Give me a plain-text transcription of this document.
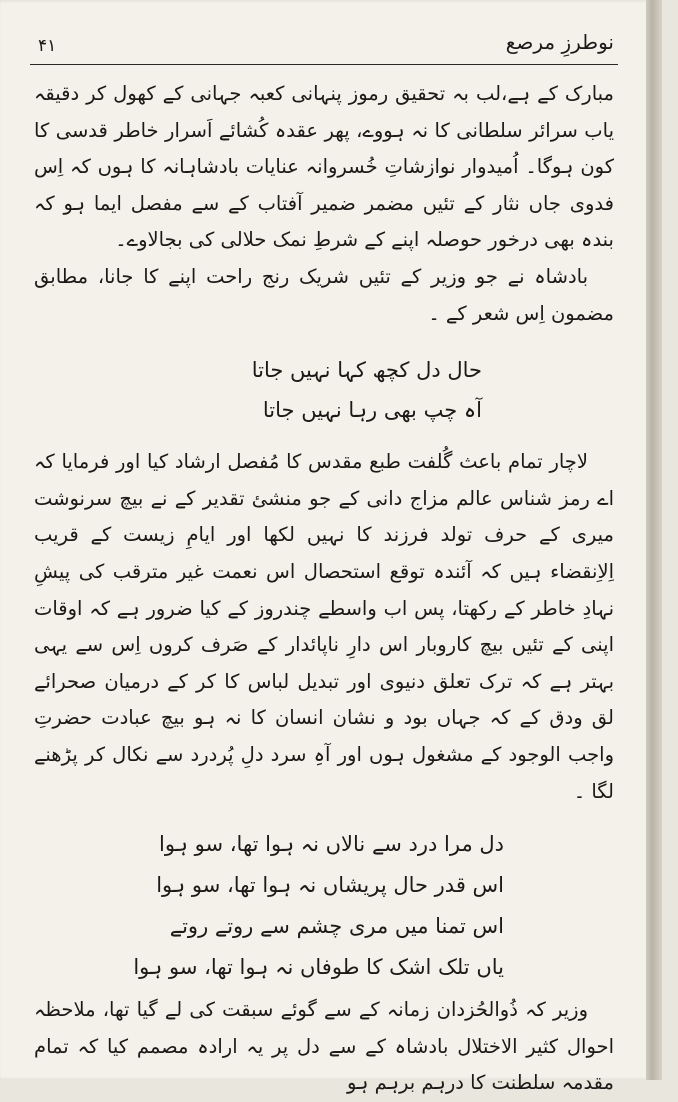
۴۱	نوطرزِ مرصع

مبارک کے ہے،لب بہ تحقیق رموز پنہانی کعبہ جہانی کے کھول کر دقیقہ یاب سرائر سلطانی کا نہ ہووے، پھر عقدہ کُشائے اَسرار خاطر قدسی کا کون ہوگا۔ اُمیدوار نوازشاتِ خُسروانہ عنایات بادشاہانہ کا ہوں کہ اِس فدوی جاں نثار کے تئیں مضمر ضمیر آفتاب کے سے مفصل ایما ہو کہ بندہ بھی درخور حوصلہ اپنے کے شرطِ نمک حلالی کی بجالاوے۔

بادشاہ نے جو وزیر کے تئیں شریک رنج راحت اپنے کا جانا، مطابق مضمون اِس شعر کے ۔

حال دل کچھ کہا نہیں جاتا
آہ چپ بھی رہا نہیں جاتا

لاچار تمام باعث گُلفت طبع مقدس کا مُفصل ارشاد کیا اور فرمایا کہ اے رمز شناس عالم مزاج دانی کے جو منشئ تقدیر کے نے بیچ سرنوشت میری کے حرف تولد فرزند کا نہیں لکھا اور ایامِ زیست کے قریب اِلاِنقضاء ہیں کہ آئندہ توقع استحصال اس نعمت غیر مترقب کی پیشِ نہادِ خاطر کے رکھتا، پس اب واسطے چندروز کے کیا ضرور ہے کہ اوقات اپنی کے تئیں بیچ کاروبار اس دارِ ناپائدار کے صَرف کروں اِس سے یہی بہتر ہے کہ ترک تعلق دنیوی اور تبدیل لباس کا کر کے درمیان صحرائے لق ودق کے کہ جہاں بود و نشان انسان کا نہ ہو بیچ عبادت حضرتِ واجب الوجود کے مشغول ہوں اور آہِ سرد دلِ پُردرد سے نکال کر پڑھنے لگا ۔

دل مرا درد سے نالاں نہ ہوا تھا، سو ہوا
اس قدر حال پریشاں نہ ہوا تھا، سو ہوا
اس تمنا میں مری چشم سے روتے روتے
یاں تلک اشک کا طوفاں نہ ہوا تھا، سو ہوا

وزیر کہ ذُوالحُزدان زمانہ کے سے گوئے سبقت کی لے گیا تھا، ملاحظہ احوال کثیر الاختلال بادشاہ کے سے دل پر یہ ارادہ مصمم کیا کہ تمام مقدمہ سلطنت کا درہم برہم ہو
